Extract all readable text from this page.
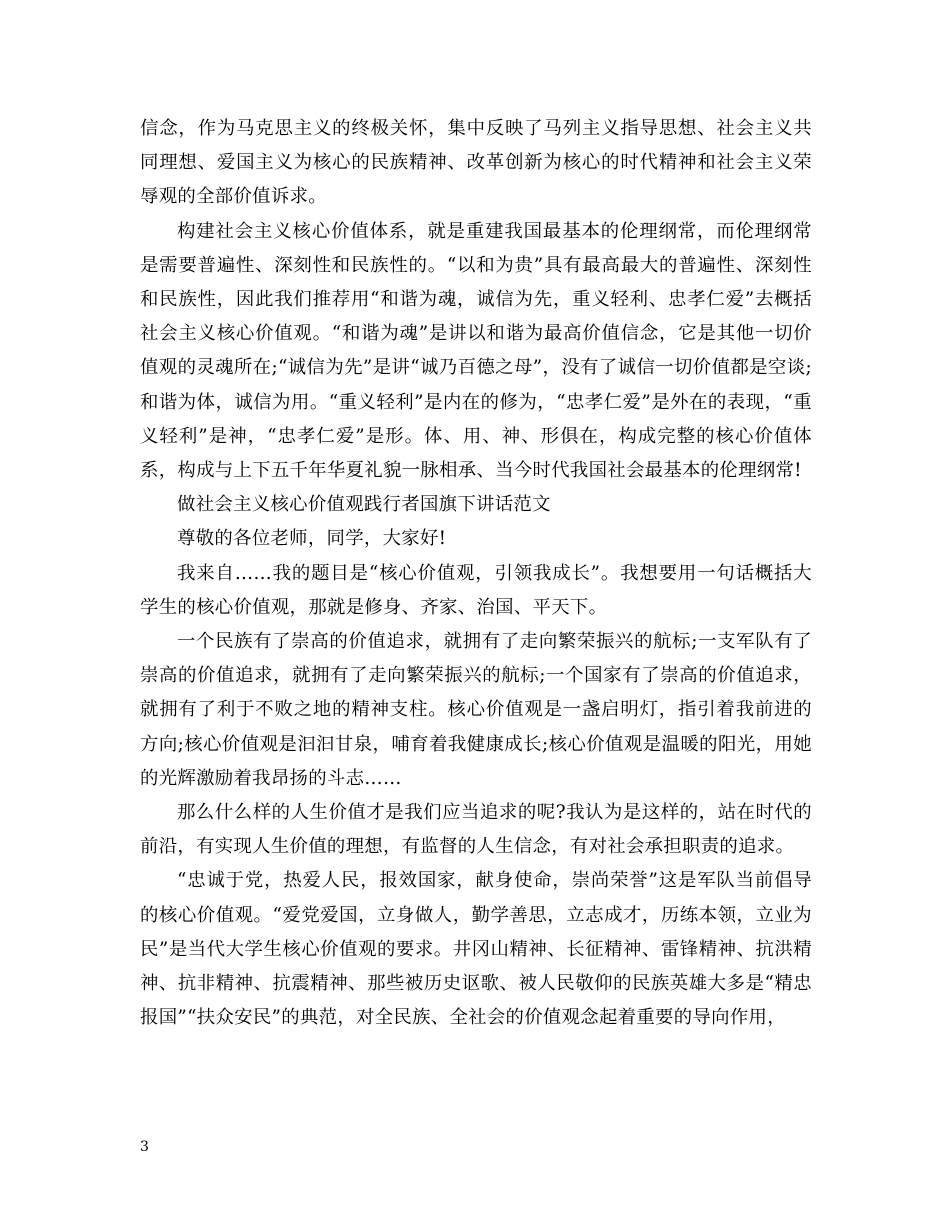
信念，作为马克思主义的终极关怀，集中反映了马列主义指导思想、社会主义共同理想、爱国主义为核心的民族精神、改革创新为核心的时代精神和社会主义荣辱观的全部价值诉求。

构建社会主义核心价值体系，就是重建我国最基本的伦理纲常，而伦理纲常是需要普遍性、深刻性和民族性的。“以和为贵”具有最高最大的普遍性、深刻性和民族性，因此我们推荐用“和谐为魂，诚信为先，重义轻利、忠孝仁爱”去概括社会主义核心价值观。“和谐为魂”是讲以和谐为最高价值信念，它是其他一切价值观的灵魂所在;“诚信为先”是讲“诚乃百德之母”，没有了诚信一切价值都是空谈;和谐为体，诚信为用。“重义轻利”是内在的修为，“忠孝仁爱”是外在的表现，“重义轻利”是神，“忠孝仁爱”是形。体、用、神、形俱在，构成完整的核心价值体系，构成与上下五千年华夏礼貌一脉相承、当今时代我国社会最基本的伦理纲常!

做社会主义核心价值观践行者国旗下讲话范文

尊敬的各位老师，同学，大家好!

我来自……我的题目是“核心价值观，引领我成长”。我想要用一句话概括大学生的核心价值观，那就是修身、齐家、治国、平天下。

一个民族有了崇高的价值追求，就拥有了走向繁荣振兴的航标;一支军队有了崇高的价值追求，就拥有了走向繁荣振兴的航标;一个国家有了崇高的价值追求，就拥有了利于不败之地的精神支柱。核心价值观是一盏启明灯，指引着我前进的方向;核心价值观是汩汩甘泉，哺育着我健康成长;核心价值观是温暖的阳光，用她的光辉激励着我昂扬的斗志……

那么什么样的人生价值才是我们应当追求的呢?我认为是这样的，站在时代的前沿，有实现人生价值的理想，有监督的人生信念，有对社会承担职责的追求。

“忠诚于党，热爱人民，报效国家，献身使命，崇尚荣誉”这是军队当前倡导的核心价值观。“爱党爱国，立身做人，勤学善思，立志成才，历练本领，立业为民”是当代大学生核心价值观的要求。井冈山精神、长征精神、雷锋精神、抗洪精神、抗非精神、抗震精神、那些被历史讴歌、被人民敬仰的民族英雄大多是“精忠报国”“扶众安民”的典范，对全民族、全社会的价值观念起着重要的导向作用，

3
